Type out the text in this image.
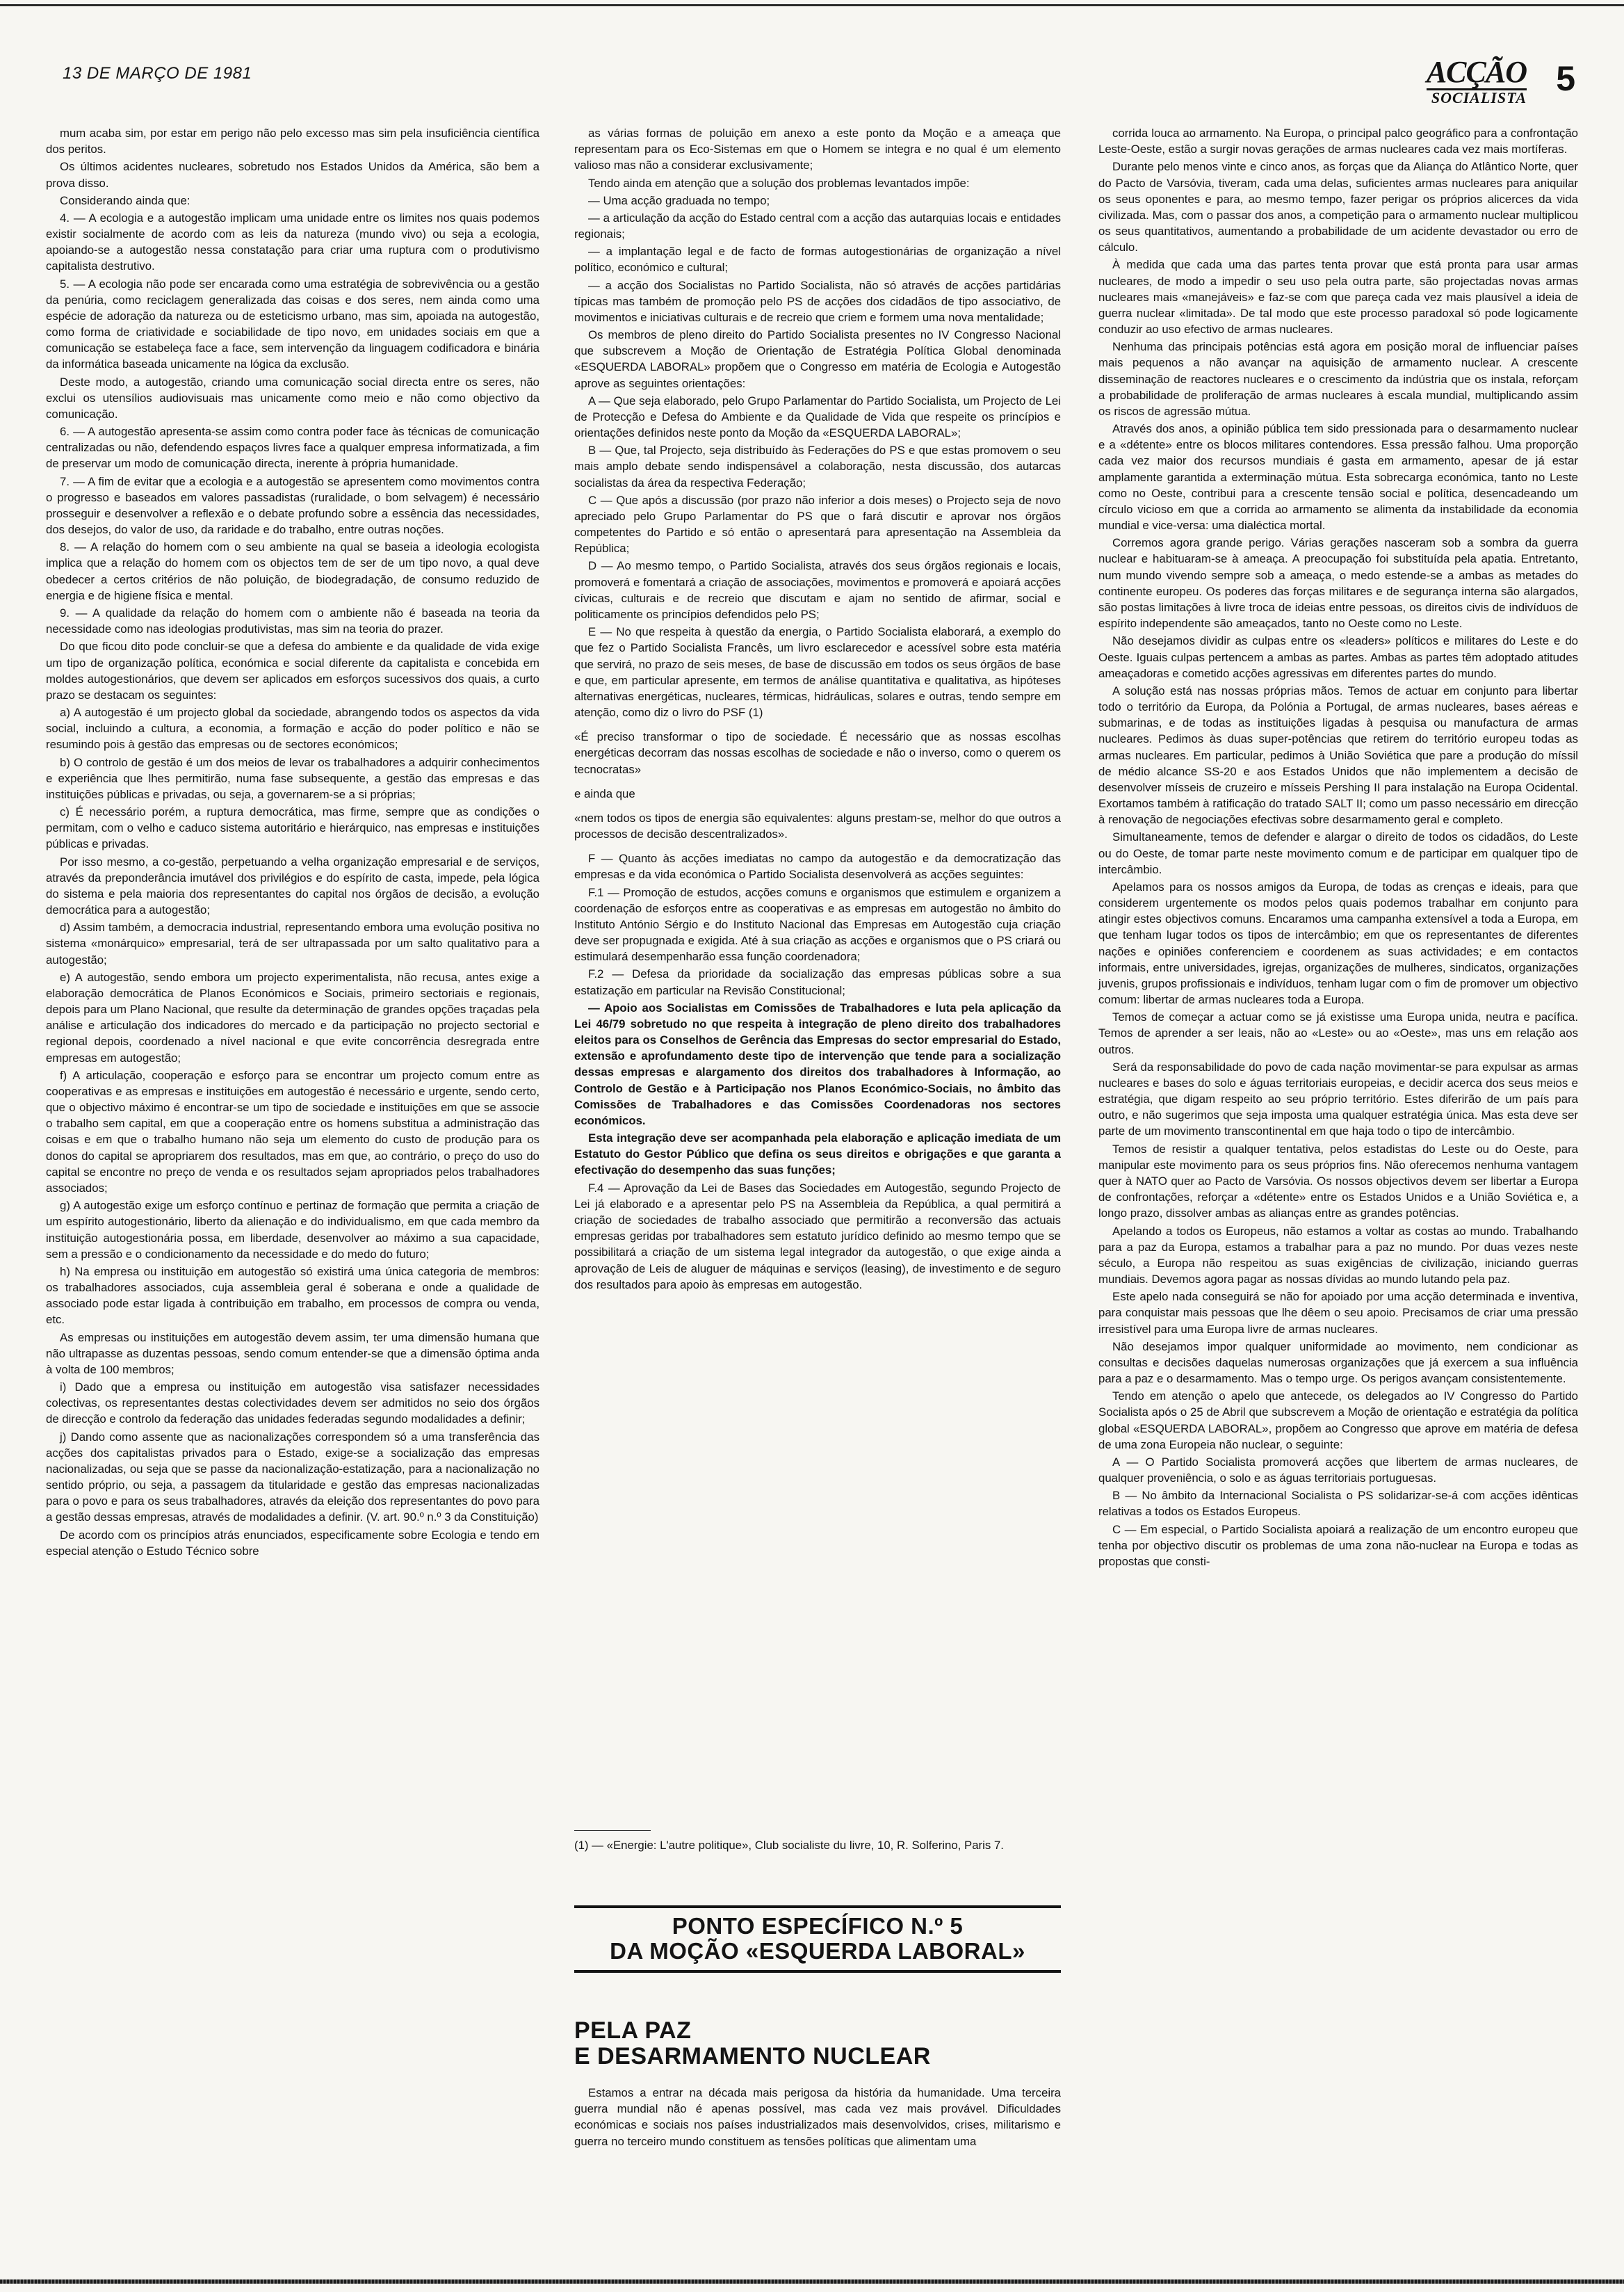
13 DE MARÇO DE 1981	ACÇÃO
SOCIALISTA 5

mum acaba sim, por estar em perigo não pelo excesso mas sim pela insuficiência científica dos peritos.

Os últimos acidentes nucleares, sobretudo nos Estados Unidos da América, são bem a prova disso.

Considerando ainda que:

4. — A ecologia e a autogestão implicam uma unidade entre os limites nos quais podemos existir socialmente de acordo com as leis da natureza (mundo vivo) ou seja a ecologia, apoiando-se a autogestão nessa constatação para criar uma ruptura com o produtivismo capitalista destrutivo.

5. — A ecologia não pode ser encarada como uma estratégia de sobrevivência ou a gestão da penúria, como reciclagem generalizada das coisas e dos seres, nem ainda como uma espécie de adoração da natureza ou de esteticismo urbano, mas sim, apoiada na autogestão, como forma de criatividade e sociabilidade de tipo novo, em unidades sociais em que a comunicação se estabeleça face a face, sem intervenção da linguagem codificadora e binária da informática baseada unicamente na lógica da exclusão.

Deste modo, a autogestão, criando uma comunicação social directa entre os seres, não exclui os utensílios audiovisuais mas unicamente como meio e não como objectivo da comunicação.

6. — A autogestão apresenta-se assim como contra poder face às técnicas de comunicação centralizadas ou não, defendendo espaços livres face a qualquer empresa informatizada, a fim de preservar um modo de comunicação directa, inerente à própria humanidade.

7. — A fim de evitar que a ecologia e a autogestão se apresentem como movimentos contra o progresso e baseados em valores passadistas (ruralidade, o bom selvagem) é necessário prosseguir e desenvolver a reflexão e o debate profundo sobre a essência das necessidades, dos desejos, do valor de uso, da raridade e do trabalho, entre outras noções.

8. — A relação do homem com o seu ambiente na qual se baseia a ideologia ecologista implica que a relação do homem com os objectos tem de ser de um tipo novo, a qual deve obedecer a certos critérios de não poluição, de biodegradação, de consumo reduzido de energia e de higiene física e mental.

9. — A qualidade da relação do homem com o ambiente não é baseada na teoria da necessidade como nas ideologias produtivistas, mas sim na teoria do prazer.

Do que ficou dito pode concluir-se que a defesa do ambiente e da qualidade de vida exige um tipo de organização política, económica e social diferente da capitalista e concebida em moldes autogestionários, que devem ser aplicados em esforços sucessivos dos quais, a curto prazo se destacam os seguintes:

a) A autogestão é um projecto global da sociedade, abrangendo todos os aspectos da vida social, incluindo a cultura, a economia, a formação e acção do poder político e não se resumindo pois à gestão das empresas ou de sectores económicos;

b) O controlo de gestão é um dos meios de levar os trabalhadores a adquirir conhecimentos e experiência que lhes permitirão, numa fase subsequente, a gestão das empresas e das instituições públicas e privadas, ou seja, a governarem-se a si próprias;

c) É necessário porém, a ruptura democrática, mas firme, sempre que as condições o permitam, com o velho e caduco sistema autoritário e hierárquico, nas empresas e instituições públicas e privadas.

Por isso mesmo, a co-gestão, perpetuando a velha organização empresarial e de serviços, através da preponderância imutável dos privilégios e do espírito de casta, impede, pela lógica do sistema e pela maioria dos representantes do capital nos órgãos de decisão, a evolução democrática para a autogestão;

d) Assim também, a democracia industrial, representando embora uma evolução positiva no sistema «monárquico» empresarial, terá de ser ultrapassada por um salto qualitativo para a autogestão;

e) A autogestão, sendo embora um projecto experimentalista, não recusa, antes exige a elaboração democrática de Planos Económicos e Sociais, primeiro sectoriais e regionais, depois para um Plano Nacional, que resulte da determinação de grandes opções traçadas pela análise e articulação dos indicadores do mercado e da participação no projecto sectorial e regional depois, coordenado a nível nacional e que evite concorrência desregrada entre empresas em autogestão;

f) A articulação, cooperação e esforço para se encontrar um projecto comum entre as cooperativas e as empresas e instituições em autogestão é necessário e urgente, sendo certo, que o objectivo máximo é encontrar-se um tipo de sociedade e instituições em que se associe o trabalho sem capital, em que a cooperação entre os homens substitua a administração das coisas e em que o trabalho humano não seja um elemento do custo de produção para os donos do capital se apropriarem dos resultados, mas em que, ao contrário, o preço do uso do capital se encontre no preço de venda e os resultados sejam apropriados pelos trabalhadores associados;

g) A autogestão exige um esforço contínuo e pertinaz de formação que permita a criação de um espírito autogestionário, liberto da alienação e do individualismo, em que cada membro da instituição autogestionária possa, em liberdade, desenvolver ao máximo a sua capacidade, sem a pressão e o condicionamento da necessidade e do medo do futuro;

h) Na empresa ou instituição em autogestão só existirá uma única categoria de membros: os trabalhadores associados, cuja assembleia geral é soberana e onde a qualidade de associado pode estar ligada à contribuição em trabalho, em processos de compra ou venda, etc.

As empresas ou instituições em autogestão devem assim, ter uma dimensão humana que não ultrapasse as duzentas pessoas, sendo comum entender-se que a dimensão óptima anda à volta de 100 membros;

i) Dado que a empresa ou instituição em autogestão visa satisfazer necessidades colectivas, os representantes destas colectividades devem ser admitidos no seio dos órgãos de direcção e controlo da federação das unidades federadas segundo modalidades a definir;

j) Dando como assente que as nacionalizações correspondem só a uma transferência das acções dos capitalistas privados para o Estado, exige-se a socialização das empresas nacionalizadas, ou seja que se passe da nacionalização-estatização, para a nacionalização no sentido próprio, ou seja, a passagem da titularidade e gestão das empresas nacionalizadas para o povo e para os seus trabalhadores, através da eleição dos representantes do povo para a gestão dessas empresas, através de modalidades a definir. (V. art. 90.º n.º 3 da Constituição)

De acordo com os princípios atrás enunciados, especificamente sobre Ecologia e tendo em especial atenção o Estudo Técnico sobre

as várias formas de poluição em anexo a este ponto da Moção e a ameaça que representam para os Eco-Sistemas em que o Homem se integra e no qual é um elemento valioso mas não a considerar exclusivamente;

Tendo ainda em atenção que a solução dos problemas levantados impõe:

— Uma acção graduada no tempo;

— a articulação da acção do Estado central com a acção das autarquias locais e entidades regionais;

— a implantação legal e de facto de formas autogestionárias de organização a nível político, económico e cultural;

— a acção dos Socialistas no Partido Socialista, não só através de acções partidárias típicas mas também de promoção pelo PS de acções dos cidadãos de tipo associativo, de movimentos e iniciativas culturais e de recreio que criem e formem uma nova mentalidade;

Os membros de pleno direito do Partido Socialista presentes no IV Congresso Nacional que subscrevem a Moção de Orientação de Estratégia Política Global denominada «ESQUERDA LABORAL» propõem que o Congresso em matéria de Ecologia e Autogestão aprove as seguintes orientações:

A — Que seja elaborado, pelo Grupo Parlamentar do Partido Socialista, um Projecto de Lei de Protecção e Defesa do Ambiente e da Qualidade de Vida que respeite os princípios e orientações definidos neste ponto da Moção da «ESQUERDA LABORAL»;

B — Que, tal Projecto, seja distribuído às Federações do PS e que estas promovem o seu mais amplo debate sendo indispensável a colaboração, nesta discussão, dos autarcas socialistas da área da respectiva Federação;

C — Que após a discussão (por prazo não inferior a dois meses) o Projecto seja de novo apreciado pelo Grupo Parlamentar do PS que o fará discutir e aprovar nos órgãos competentes do Partido e só então o apresentará para apresentação na Assembleia da República;

D — Ao mesmo tempo, o Partido Socialista, através dos seus órgãos regionais e locais, promoverá e fomentará a criação de associações, movimentos e promoverá e apoiará acções cívicas, culturais e de recreio que discutam e ajam no sentido de afirmar, social e politicamente os princípios defendidos pelo PS;

E — No que respeita à questão da energia, o Partido Socialista elaborará, a exemplo do que fez o Partido Socialista Francês, um livro esclarecedor e acessível sobre esta matéria que servirá, no prazo de seis meses, de base de discussão em todos os seus órgãos de base e que, em particular apresente, em termos de análise quantitativa e qualitativa, as hipóteses alternativas energéticas, nucleares, térmicas, hidráulicas, solares e outras, tendo sempre em atenção, como diz o livro do PSF (1)

«É preciso transformar o tipo de sociedade. É necessário que as nossas escolhas energéticas decorram das nossas escolhas de sociedade e não o inverso, como o querem os tecnocratas»

e ainda que

«nem todos os tipos de energia são equivalentes: alguns prestam-se, melhor do que outros a processos de decisão descentralizados».

F — Quanto às acções imediatas no campo da autogestão e da democratização das empresas e da vida económica o Partido Socialista desenvolverá as acções seguintes:

F.1 — Promoção de estudos, acções comuns e organismos que estimulem e organizem a coordenação de esforços entre as cooperativas e as empresas em autogestão no âmbito do Instituto António Sérgio e do Instituto Nacional das Empresas em Autogestão cuja criação deve ser propugnada e exigida. Até à sua criação as acções e organismos que o PS criará ou estimulará desempenharão essa função coordenadora;

F.2 — Defesa da prioridade da socialização das empresas públicas sobre a sua estatização em particular na Revisão Constitucional;

— Apoio aos Socialistas em Comissões de Trabalhadores e luta pela aplicação da Lei 46/79 sobretudo no que respeita à integração de pleno direito dos trabalhadores eleitos para os Conselhos de Gerência das Empresas do sector empresarial do Estado, extensão e aprofundamento deste tipo de intervenção que tende para a socialização dessas empresas e alargamento dos direitos dos trabalhadores à Informação, ao Controlo de Gestão e à Participação nos Planos Económico-Sociais, no âmbito das Comissões de Trabalhadores e das Comissões Coordenadoras nos sectores económicos.

Esta integração deve ser acompanhada pela elaboração e aplicação imediata de um Estatuto do Gestor Público que defina os seus direitos e obrigações e que garanta a efectivação do desempenho das suas funções;

F.4 — Aprovação da Lei de Bases das Sociedades em Autogestão, segundo Projecto de Lei já elaborado e a apresentar pelo PS na Assembleia da República, a qual permitirá a criação de sociedades de trabalho associado que permitirão a reconversão das actuais empresas geridas por trabalhadores sem estatuto jurídico definido ao mesmo tempo que se possibilitará a criação de um sistema legal integrador da autogestão, o que exige ainda a aprovação de Leis de aluguer de máquinas e serviços (leasing), de investimento e de seguro dos resultados para apoio às empresas em autogestão.

(1) — «Energie: L'autre politique», Club socialiste du livre, 10, R. Solferino, Paris 7.
PONTO ESPECÍFICO N.º 5
DA MOÇÃO «ESQUERDA LABORAL»
PELA PAZ
E DESARMAMENTO NUCLEAR

Estamos a entrar na década mais perigosa da história da humanidade. Uma terceira guerra mundial não é apenas possível, mas cada vez mais provável. Dificuldades económicas e sociais nos países industrializados mais desenvolvidos, crises, militarismo e guerra no terceiro mundo constituem as tensões políticas que alimentam uma

corrida louca ao armamento. Na Europa, o principal palco geográfico para a confrontação Leste-Oeste, estão a surgir novas gerações de armas nucleares cada vez mais mortíferas.

Durante pelo menos vinte e cinco anos, as forças que da Aliança do Atlântico Norte, quer do Pacto de Varsóvia, tiveram, cada uma delas, suficientes armas nucleares para aniquilar os seus oponentes e para, ao mesmo tempo, fazer perigar os próprios alicerces da vida civilizada. Mas, com o passar dos anos, a competição para o armamento nuclear multiplicou os seus quantitativos, aumentando a probabilidade de um acidente devastador ou erro de cálculo.

À medida que cada uma das partes tenta provar que está pronta para usar armas nucleares, de modo a impedir o seu uso pela outra parte, são projectadas novas armas nucleares mais «manejáveis» e faz-se com que pareça cada vez mais plausível a ideia de guerra nuclear «limitada». De tal modo que este processo paradoxal só pode logicamente conduzir ao uso efectivo de armas nucleares.

Nenhuma das principais potências está agora em posição moral de influenciar países mais pequenos a não avançar na aquisição de armamento nuclear. A crescente disseminação de reactores nucleares e o crescimento da indústria que os instala, reforçam a probabilidade de proliferação de armas nucleares à escala mundial, multiplicando assim os riscos de agressão mútua.

Através dos anos, a opinião pública tem sido pressionada para o desarmamento nuclear e a «détente» entre os blocos militares contendores. Essa pressão falhou. Uma proporção cada vez maior dos recursos mundiais é gasta em armamento, apesar de já estar amplamente garantida a exterminação mútua. Esta sobrecarga económica, tanto no Leste como no Oeste, contribui para a crescente tensão social e política, desencadeando um círculo vicioso em que a corrida ao armamento se alimenta da instabilidade da economia mundial e vice-versa: uma dialéctica mortal.

Corremos agora grande perigo. Várias gerações nasceram sob a sombra da guerra nuclear e habituaram-se à ameaça. A preocupação foi substituída pela apatia. Entretanto, num mundo vivendo sempre sob a ameaça, o medo estende-se a ambas as metades do continente europeu. Os poderes das forças militares e de segurança interna são alargados, são postas limitações à livre troca de ideias entre pessoas, os direitos civis de indivíduos de espírito independente são ameaçados, tanto no Oeste como no Leste.

Não desejamos dividir as culpas entre os «leaders» políticos e militares do Leste e do Oeste. Iguais culpas pertencem a ambas as partes. Ambas as partes têm adoptado atitudes ameaçadoras e cometido acções agressivas em diferentes partes do mundo.

A solução está nas nossas próprias mãos. Temos de actuar em conjunto para libertar todo o território da Europa, da Polónia a Portugal, de armas nucleares, bases aéreas e submarinas, e de todas as instituições ligadas à pesquisa ou manufactura de armas nucleares. Pedimos às duas super-potências que retirem do território europeu todas as armas nucleares. Em particular, pedimos à União Soviética que pare a produção do míssil de médio alcance SS-20 e aos Estados Unidos que não implementem a decisão de desenvolver mísseis de cruzeiro e mísseis Pershing II para instalação na Europa Ocidental. Exortamos também à ratificação do tratado SALT II; como um passo necessário em direcção à renovação de negociações efectivas sobre desarmamento geral e completo.

Simultaneamente, temos de defender e alargar o direito de todos os cidadãos, do Leste ou do Oeste, de tomar parte neste movimento comum e de participar em qualquer tipo de intercâmbio.

Apelamos para os nossos amigos da Europa, de todas as crenças e ideais, para que considerem urgentemente os modos pelos quais podemos trabalhar em conjunto para atingir estes objectivos comuns. Encaramos uma campanha extensível a toda a Europa, em que tenham lugar todos os tipos de intercâmbio; em que os representantes de diferentes nações e opiniões conferenciem e coordenem as suas actividades; e em contactos informais, entre universidades, igrejas, organizações de mulheres, sindicatos, organizações juvenis, grupos profissionais e indivíduos, tenham lugar com o fim de promover um objectivo comum: libertar de armas nucleares toda a Europa.

Temos de começar a actuar como se já existisse uma Europa unida, neutra e pacífica. Temos de aprender a ser leais, não ao «Leste» ou ao «Oeste», mas uns em relação aos outros.

Será da responsabilidade do povo de cada nação movimentar-se para expulsar as armas nucleares e bases do solo e águas territoriais europeias, e decidir acerca dos seus meios e estratégia, que digam respeito ao seu próprio território. Estes diferirão de um país para outro, e não sugerimos que seja imposta uma qualquer estratégia única. Mas esta deve ser parte de um movimento transcontinental em que haja todo o tipo de intercâmbio.

Temos de resistir a qualquer tentativa, pelos estadistas do Leste ou do Oeste, para manipular este movimento para os seus próprios fins. Não oferecemos nenhuma vantagem quer à NATO quer ao Pacto de Varsóvia. Os nossos objectivos devem ser libertar a Europa de confrontações, reforçar a «détente» entre os Estados Unidos e a União Soviética e, a longo prazo, dissolver ambas as alianças entre as grandes potências.

Apelando a todos os Europeus, não estamos a voltar as costas ao mundo. Trabalhando para a paz da Europa, estamos a trabalhar para a paz no mundo. Por duas vezes neste século, a Europa não respeitou as suas exigências de civilização, iniciando guerras mundiais. Devemos agora pagar as nossas dívidas ao mundo lutando pela paz.

Este apelo nada conseguirá se não for apoiado por uma acção determinada e inventiva, para conquistar mais pessoas que lhe dêem o seu apoio. Precisamos de criar uma pressão irresistível para uma Europa livre de armas nucleares.

Não desejamos impor qualquer uniformidade ao movimento, nem condicionar as consultas e decisões daquelas numerosas organizações que já exercem a sua influência para a paz e o desarmamento. Mas o tempo urge. Os perigos avançam consistentemente.

Tendo em atenção o apelo que antecede, os delegados ao IV Congresso do Partido Socialista após o 25 de Abril que subscrevem a Moção de orientação e estratégia da política global «ESQUERDA LABORAL», propõem ao Congresso que aprove em matéria de defesa de uma zona Europeia não nuclear, o seguinte:

A — O Partido Socialista promoverá acções que libertem de armas nucleares, de qualquer proveniência, o solo e as águas territoriais portuguesas.

B — No âmbito da Internacional Socialista o PS solidarizar-se-á com acções idênticas relativas a todos os Estados Europeus.

C — Em especial, o Partido Socialista apoiará a realização de um encontro europeu que tenha por objectivo discutir os problemas de uma zona não-nuclear na Europa e todas as propostas que consti-
